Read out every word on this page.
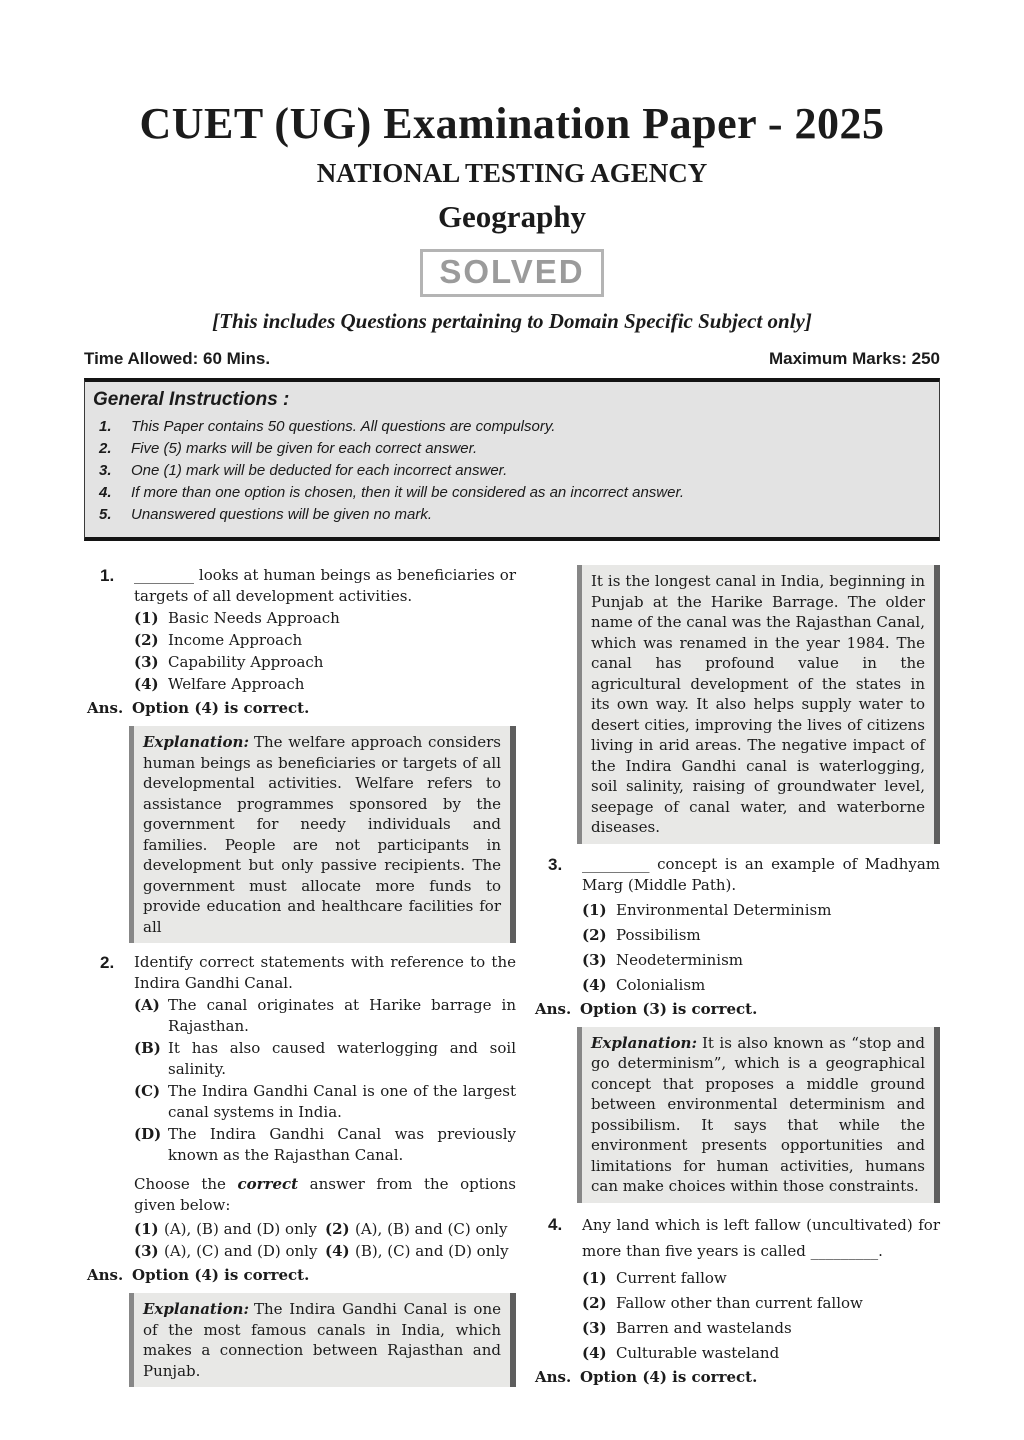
CUET (UG) Examination Paper - 2025
NATIONAL TESTING AGENCY
Geography
SOLVED
[This includes Questions pertaining to Domain Specific Subject only]
Time Allowed: 60 Mins.	Maximum Marks: 250
General Instructions :
1.	This Paper contains 50 questions. All questions are compulsory.
2.	Five (5) marks will be given for each correct answer.
3.	One (1) mark will be deducted for each incorrect answer.
4.	If more than one option is chosen, then it will be considered as an incorrect answer.
5.	Unanswered questions will be given no mark.
1. ________ looks at human beings as beneficiaries or targets of all development activities.
(1) Basic Needs Approach
(2) Income Approach
(3) Capability Approach
(4) Welfare Approach
Ans. Option (4) is correct.
Explanation: The welfare approach considers human beings as beneficiaries or targets of all developmental activities. Welfare refers to assistance programmes sponsored by the government for needy individuals and families. People are not participants in development but only passive recipients. The government must allocate more funds to provide education and healthcare facilities for all
2. Identify correct statements with reference to the Indira Gandhi Canal.
(A) The canal originates at Harike barrage in Rajasthan.
(B) It has also caused waterlogging and soil salinity.
(C) The Indira Gandhi Canal is one of the largest canal systems in India.
(D) The Indira Gandhi Canal was previously known as the Rajasthan Canal.
Choose the correct answer from the options given below:
(1) (A), (B) and (D) only (2) (A), (B) and (C) only
(3) (A), (C) and (D) only (4) (B), (C) and (D) only
Ans. Option (4) is correct.
Explanation: The Indira Gandhi Canal is one of the most famous canals in India, which makes a connection between Rajasthan and Punjab.
It is the longest canal in India, beginning in Punjab at the Harike Barrage. The older name of the canal was the Rajasthan Canal, which was renamed in the year 1984. The canal has profound value in the agricultural development of the states in its own way. It also helps supply water to desert cities, improving the lives of citizens living in arid areas. The negative impact of the Indira Gandhi canal is waterlogging, soil salinity, raising of groundwater level, seepage of canal water, and waterborne diseases.
3. _________ concept is an example of Madhyam Marg (Middle Path).
(1) Environmental Determinism
(2) Possibilism
(3) Neodeterminism
(4) Colonialism
Ans. Option (3) is correct.
Explanation: It is also known as “stop and go determinism”, which is a geographical concept that proposes a middle ground between environmental determinism and possibilism. It says that while the environment presents opportunities and limitations for human activities, humans can make choices within those constraints.
4. Any land which is left fallow (uncultivated) for more than five years is called _________.
(1) Current fallow
(2) Fallow other than current fallow
(3) Barren and wastelands
(4) Culturable wasteland
Ans. Option (4) is correct.
